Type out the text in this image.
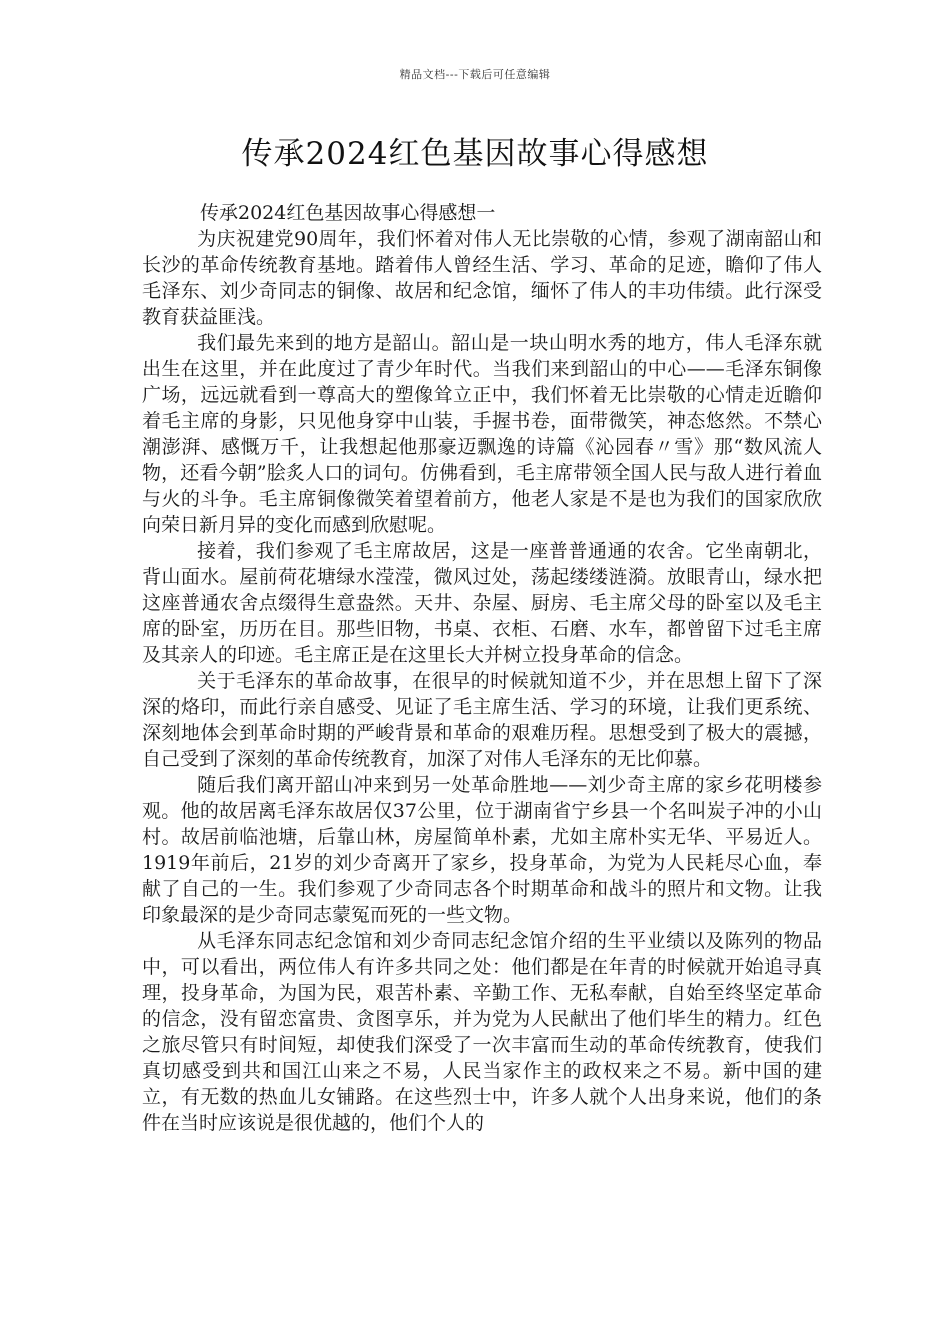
精品文档---下载后可任意编辑
传承2024红色基因故事心得感想
传承2024红色基因故事心得感想一

为庆祝建党90周年，我们怀着对伟人无比崇敬的心情，参观了湖南韶山和长沙的革命传统教育基地。踏着伟人曾经生活、学习、革命的足迹，瞻仰了伟人毛泽东、刘少奇同志的铜像、故居和纪念馆，缅怀了伟人的丰功伟绩。此行深受教育获益匪浅。

我们最先来到的地方是韶山。韶山是一块山明水秀的地方，伟人毛泽东就出生在这里，并在此度过了青少年时代。当我们来到韶山的中心——毛泽东铜像广场，远远就看到一尊高大的塑像耸立正中，我们怀着无比崇敬的心情走近瞻仰着毛主席的身影，只见他身穿中山装，手握书卷，面带微笑，神态悠然。不禁心潮澎湃、感慨万千，让我想起他那豪迈飘逸的诗篇《沁园春〃雪》那“数风流人物，还看今朝”脍炙人口的词句。仿佛看到，毛主席带领全国人民与敌人进行着血与火的斗争。毛主席铜像微笑着望着前方，他老人家是不是也为我们的国家欣欣向荣日新月异的变化而感到欣慰呢。

接着，我们参观了毛主席故居，这是一座普普通通的农舍。它坐南朝北，背山面水。屋前荷花塘绿水滢滢，微风过处，荡起缕缕涟漪。放眼青山，绿水把这座普通农舍点缀得生意盎然。天井、杂屋、厨房、毛主席父母的卧室以及毛主席的卧室，历历在目。那些旧物，书桌、衣柜、石磨、水车，都曾留下过毛主席及其亲人的印迹。毛主席正是在这里长大并树立投身革命的信念。

关于毛泽东的革命故事，在很早的时候就知道不少，并在思想上留下了深深的烙印，而此行亲自感受、见证了毛主席生活、学习的环境，让我们更系统、深刻地体会到革命时期的严峻背景和革命的艰难历程。思想受到了极大的震撼，自己受到了深刻的革命传统教育，加深了对伟人毛泽东的无比仰慕。

随后我们离开韶山冲来到另一处革命胜地——刘少奇主席的家乡花明楼参观。他的故居离毛泽东故居仅37公里，位于湖南省宁乡县一个名叫炭子冲的小山村。故居前临池塘，后靠山林，房屋简单朴素，尤如主席朴实无华、平易近人。1919年前后，21岁的刘少奇离开了家乡，投身革命，为党为人民耗尽心血，奉献了自己的一生。我们参观了少奇同志各个时期革命和战斗的照片和文物。让我印象最深的是少奇同志蒙冤而死的一些文物。

从毛泽东同志纪念馆和刘少奇同志纪念馆介绍的生平业绩以及陈列的物品中，可以看出，两位伟人有许多共同之处：他们都是在年青的时候就开始追寻真理，投身革命，为国为民，艰苦朴素、辛勤工作、无私奉献，自始至终坚定革命的信念，没有留恋富贵、贪图享乐，并为党为人民献出了他们毕生的精力。红色之旅尽管只有时间短，却使我们深受了一次丰富而生动的革命传统教育，使我们真切感受到共和国江山来之不易，人民当家作主的政权来之不易。新中国的建立，有无数的热血儿女铺路。在这些烈士中，许多人就个人出身来说，他们的条件在当时应该说是很优越的，他们个人的
